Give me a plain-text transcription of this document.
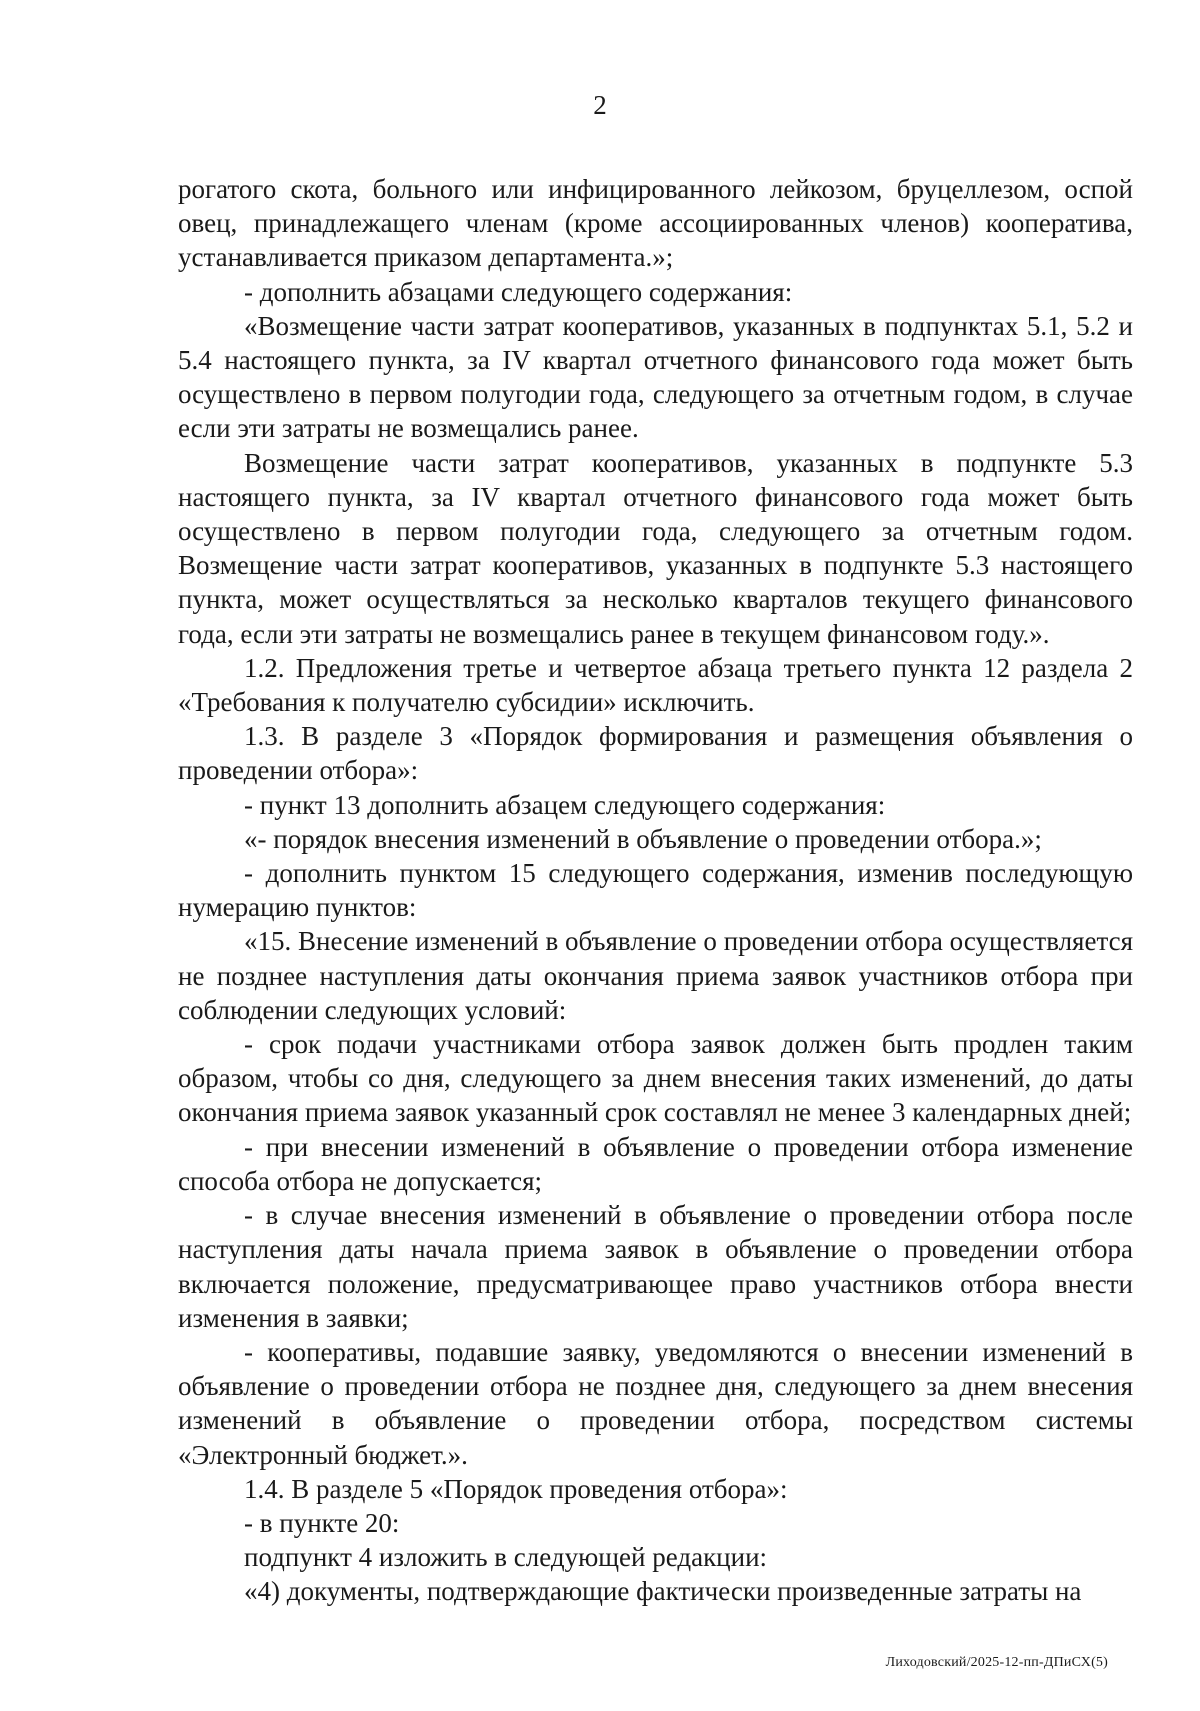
2

рогатого скота, больного или инфицированного лейкозом, бруцеллезом, оспой овец, принадлежащего членам (кроме ассоциированных членов) кооператива, устанавливается приказом департамента.»;

- дополнить абзацами следующего содержания:

«Возмещение части затрат кооперативов, указанных в подпунктах 5.1, 5.2 и 5.4 настоящего пункта, за IV квартал отчетного финансового года может быть осуществлено в первом полугодии года, следующего за отчетным годом, в случае если эти затраты не возмещались ранее.

Возмещение части затрат кооперативов, указанных в подпункте 5.3 настоящего пункта, за IV квартал отчетного финансового года может быть осуществлено в первом полугодии года, следующего за отчетным годом. Возмещение части затрат кооперативов, указанных в подпункте 5.3 настоящего пункта, может осуществляться за несколько кварталов текущего финансового года, если эти затраты не возмещались ранее в текущем финансовом году.».

1.2. Предложения третье и четвертое абзаца третьего пункта 12 раздела 2 «Требования к получателю субсидии» исключить.

1.3. В разделе 3 «Порядок формирования и размещения объявления о проведении отбора»:

- пункт 13 дополнить абзацем следующего содержания:

«- порядок внесения изменений в объявление о проведении отбора.»;

- дополнить пунктом 15 следующего содержания, изменив последующую нумерацию пунктов:

«15. Внесение изменений в объявление о проведении отбора осуществляется не позднее наступления даты окончания приема заявок участников отбора при соблюдении следующих условий:

- срок подачи участниками отбора заявок должен быть продлен таким образом, чтобы со дня, следующего за днем внесения таких изменений, до даты окончания приема заявок указанный срок составлял не менее 3 календарных дней;

- при внесении изменений в объявление о проведении отбора изменение способа отбора не допускается;

- в случае внесения изменений в объявление о проведении отбора после наступления даты начала приема заявок в объявление о проведении отбора включается положение, предусматривающее право участников отбора внести изменения в заявки;

- кооперативы, подавшие заявку, уведомляются о внесении изменений в объявление о проведении отбора не позднее дня, следующего за днем внесения изменений в объявление о проведении отбора, посредством системы «Электронный бюджет.».

1.4. В разделе 5 «Порядок проведения отбора»:

- в пункте 20:

подпункт 4 изложить в следующей редакции:

«4) документы, подтверждающие фактически произведенные затраты на

Лиходовский/2025-12-пп-ДПиСХ(5)
